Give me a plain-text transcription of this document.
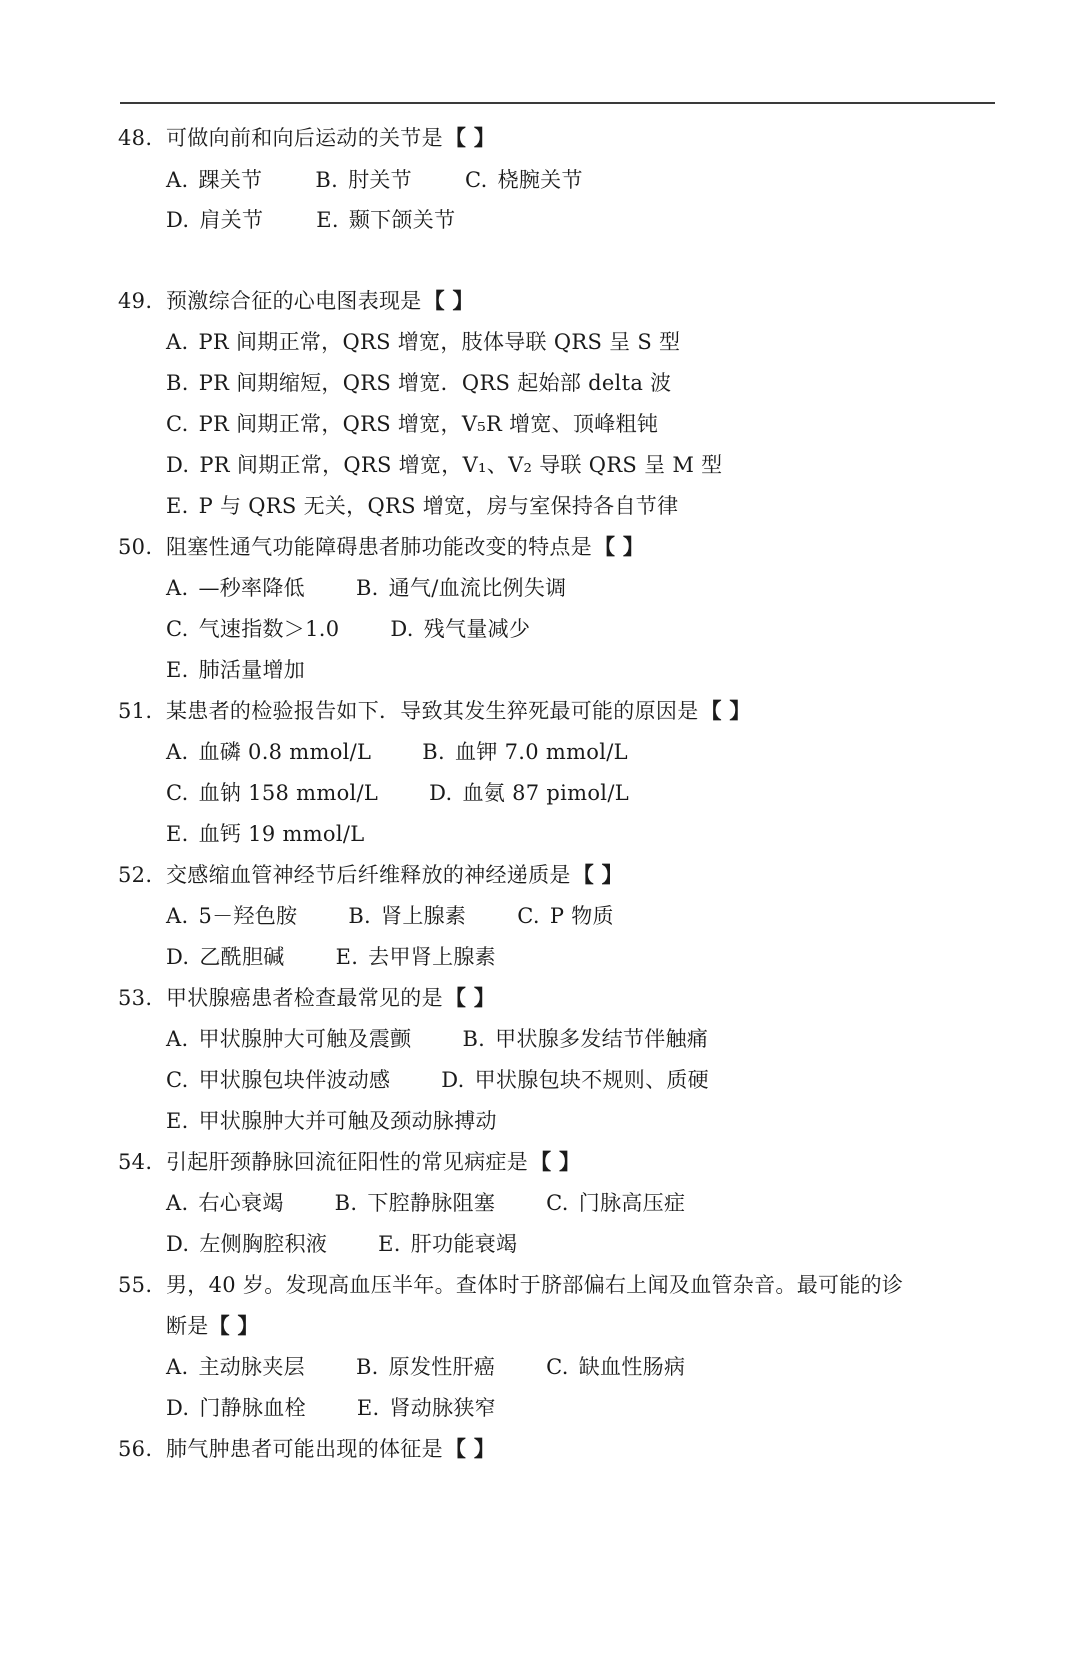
48. 可做向前和向后运动的关节是【 】
A. 踝关节	B. 肘关节	C. 桡腕关节
D. 肩关节	E. 颞下颌关节
49. 预激综合征的心电图表现是【 】
A. PR 间期正常，QRS 增宽，肢体导联 QRS 呈 S 型
B. PR 间期缩短，QRS 增宽．QRS 起始部 delta 波
C. PR 间期正常，QRS 增宽，V₅R 增宽、顶峰粗钝
D. PR 间期正常，QRS 增宽，V₁、V₂ 导联 QRS 呈 M 型
E. P 与 QRS 无关，QRS 增宽，房与室保持各自节律
50. 阻塞性通气功能障碍患者肺功能改变的特点是【 】
A. —秒率降低 B. 通气/血流比例失调
C. 气速指数＞1.0 D. 残气量减少
E. 肺活量增加
51. 某患者的检验报告如下．导致其发生猝死最可能的原因是【 】
A. 血磷 0.8 mmol/L B. 血钾 7.0 mmol/L
C. 血钠 158 mmol/L D. 血氨 87 pimol/L
E. 血钙 19 mmol/L
52. 交感缩血管神经节后纤维释放的神经递质是【 】
A. 5－羟色胺 B. 肾上腺素 C. P 物质
D. 乙酰胆碱 E. 去甲肾上腺素
53. 甲状腺癌患者检查最常见的是【 】
A. 甲状腺肿大可触及震颤 B. 甲状腺多发结节伴触痛
C. 甲状腺包块伴波动感 D. 甲状腺包块不规则、质硬
E. 甲状腺肿大并可触及颈动脉搏动
54. 引起肝颈静脉回流征阳性的常见病症是【 】
A. 右心衰竭 B. 下腔静脉阻塞 C. 门脉高压症
D. 左侧胸腔积液 E. 肝功能衰竭
55. 男，40 岁。发现高血压半年。查体时于脐部偏右上闻及血管杂音。最可能的诊
断是【 】
A. 主动脉夹层 B. 原发性肝癌 C. 缺血性肠病
D. 门静脉血栓 E. 肾动脉狭窄
56. 肺气肿患者可能出现的体征是【 】
